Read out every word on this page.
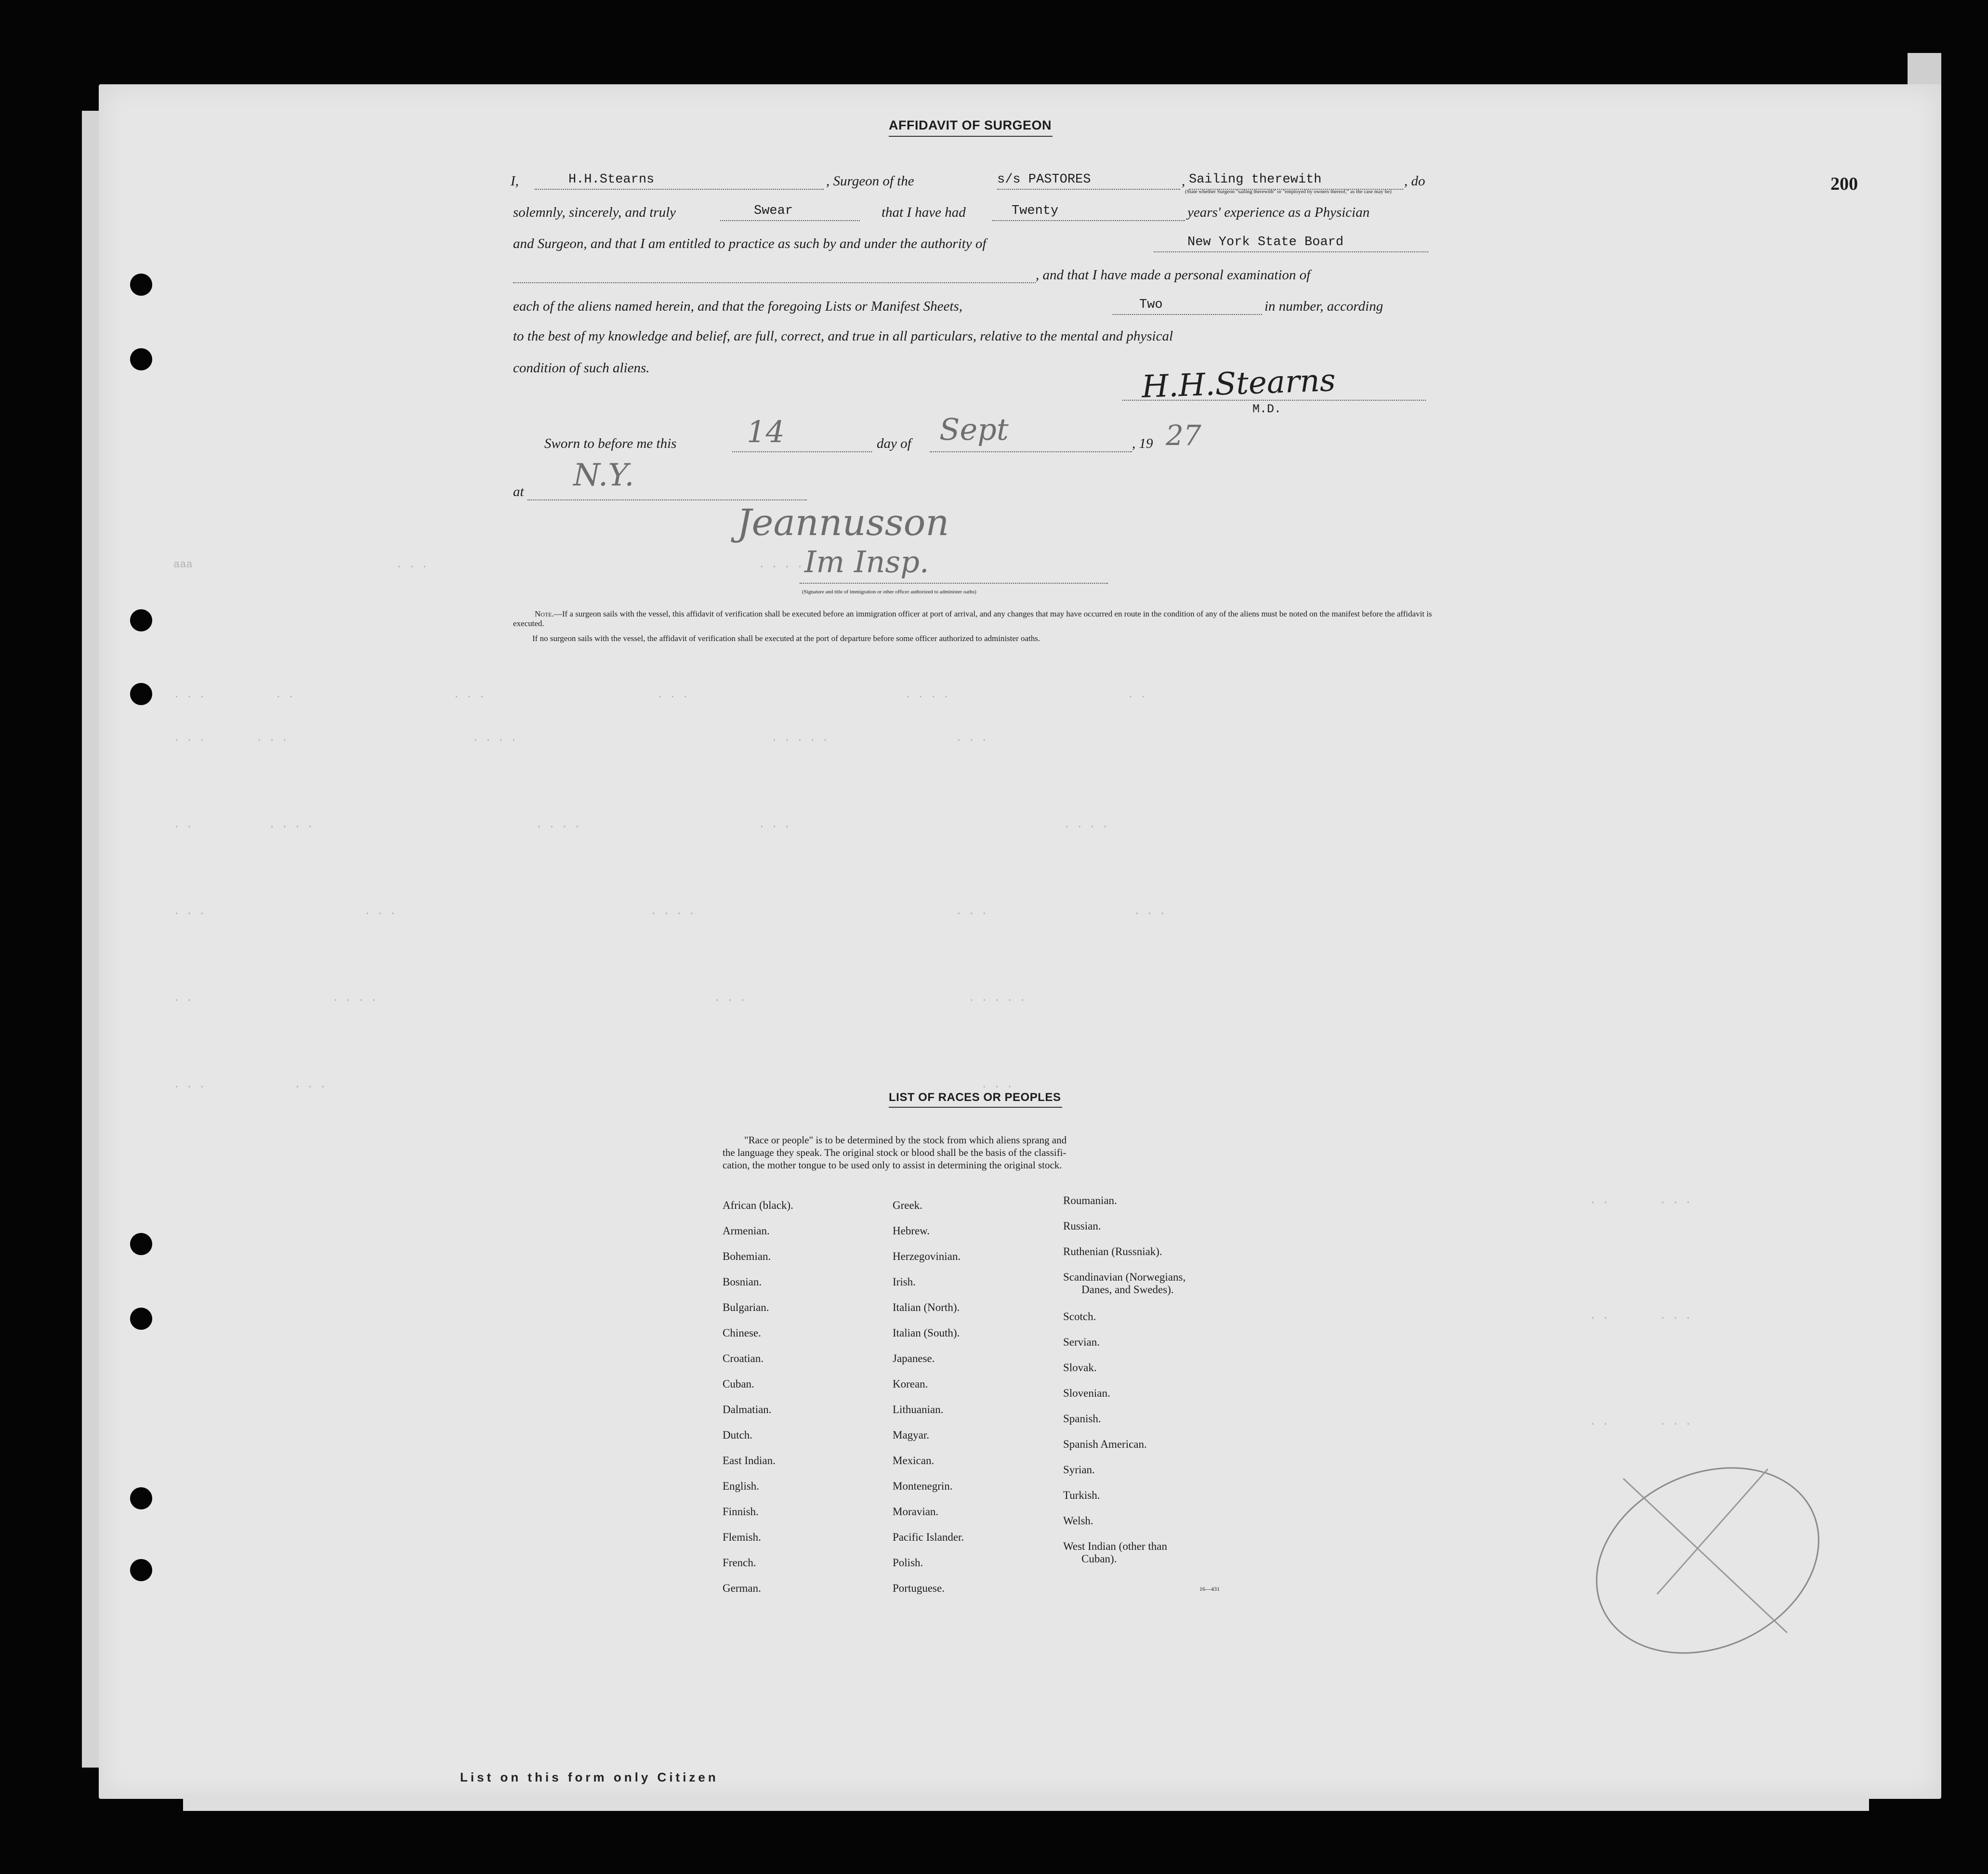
ааа                                . . .                                                    . . . .
. . .           . .                         . . .                           . . .                                  . . . .                            . .
. . .        . . .                             . . . .                                        . . . . .                    . . .
. .            . . . .                                   . . . .                            . . .                                           . . . .
. . .                         . . .                                        . . . .                                         . . .                       . . .
. .                      . . . .                                                     . . .                                   . . . . .
. . .              . . .                                                                                                       . . .
. .        . . .
. .        . . .
. .        . . .
200
AFFIDAVIT OF SURGEON
I,	H.H.Stearns	, Surgeon of the	s/s PASTORES	, Sailing therewith	, do
(State whether Surgeon "sailing therewith" or "employed by owners thereof," as the case may be)
solemnly, sincerely, and truly	Swear	that I have had	Twenty	years' experience as a Physician
and Surgeon, and that I am entitled to practice as such by and under the authority of	New York State Board
, and that I have made a personal examination of
each of the aliens named herein, and that the foregoing Lists or Manifest Sheets,	Two	in number, according
to the best of my knowledge and belief, are full, correct, and true in all particulars, relative to the mental and physical
condition of such aliens.	H.H.Stearns
M.D.
Sworn to before me this 14	day of Sept	, 19 27
at N.Y.
Jeannusson
Im Insp.
(Signature and title of immigration or other officer authorized to administer oaths)
Note.—If a surgeon sails with the vessel, this affidavit of verification shall be executed before an immigration officer at port of arrival, and any changes that may have occurred en route in the condition of any of the aliens must be noted on the manifest before the affidavit is executed.
If no surgeon sails with the vessel, the affidavit of verification shall be executed at the port of departure before some officer authorized to administer oaths.
LIST OF RACES OR PEOPLES
"Race or people" is to be determined by the stock from which aliens sprang and
the language they speak. The original stock or blood shall be the basis of the classifi-
cation, the mother tongue to be used only to assist in determining the original stock.
African (black).
Armenian.
Bohemian.
Bosnian.
Bulgarian.
Chinese.
Croatian.
Cuban.
Dalmatian.
Dutch.
East Indian.
English.
Finnish.
Flemish.
French.
German.
Greek.
Hebrew.
Herzegovinian.
Irish.
Italian (North).
Italian (South).
Japanese.
Korean.
Lithuanian.
Magyar.
Mexican.
Montenegrin.
Moravian.
Pacific Islander.
Polish.
Portuguese.
Roumanian.
Russian.
Ruthenian (Russniak).
Scandinavian (Norwegians,
Danes, and Swedes).
Scotch.
Servian.
Slovak.
Slovenian.
Spanish.
Spanish American.
Syrian.
Turkish.
Welsh.
West Indian (other than
Cuban).
16—431
List on this form only Citizen
